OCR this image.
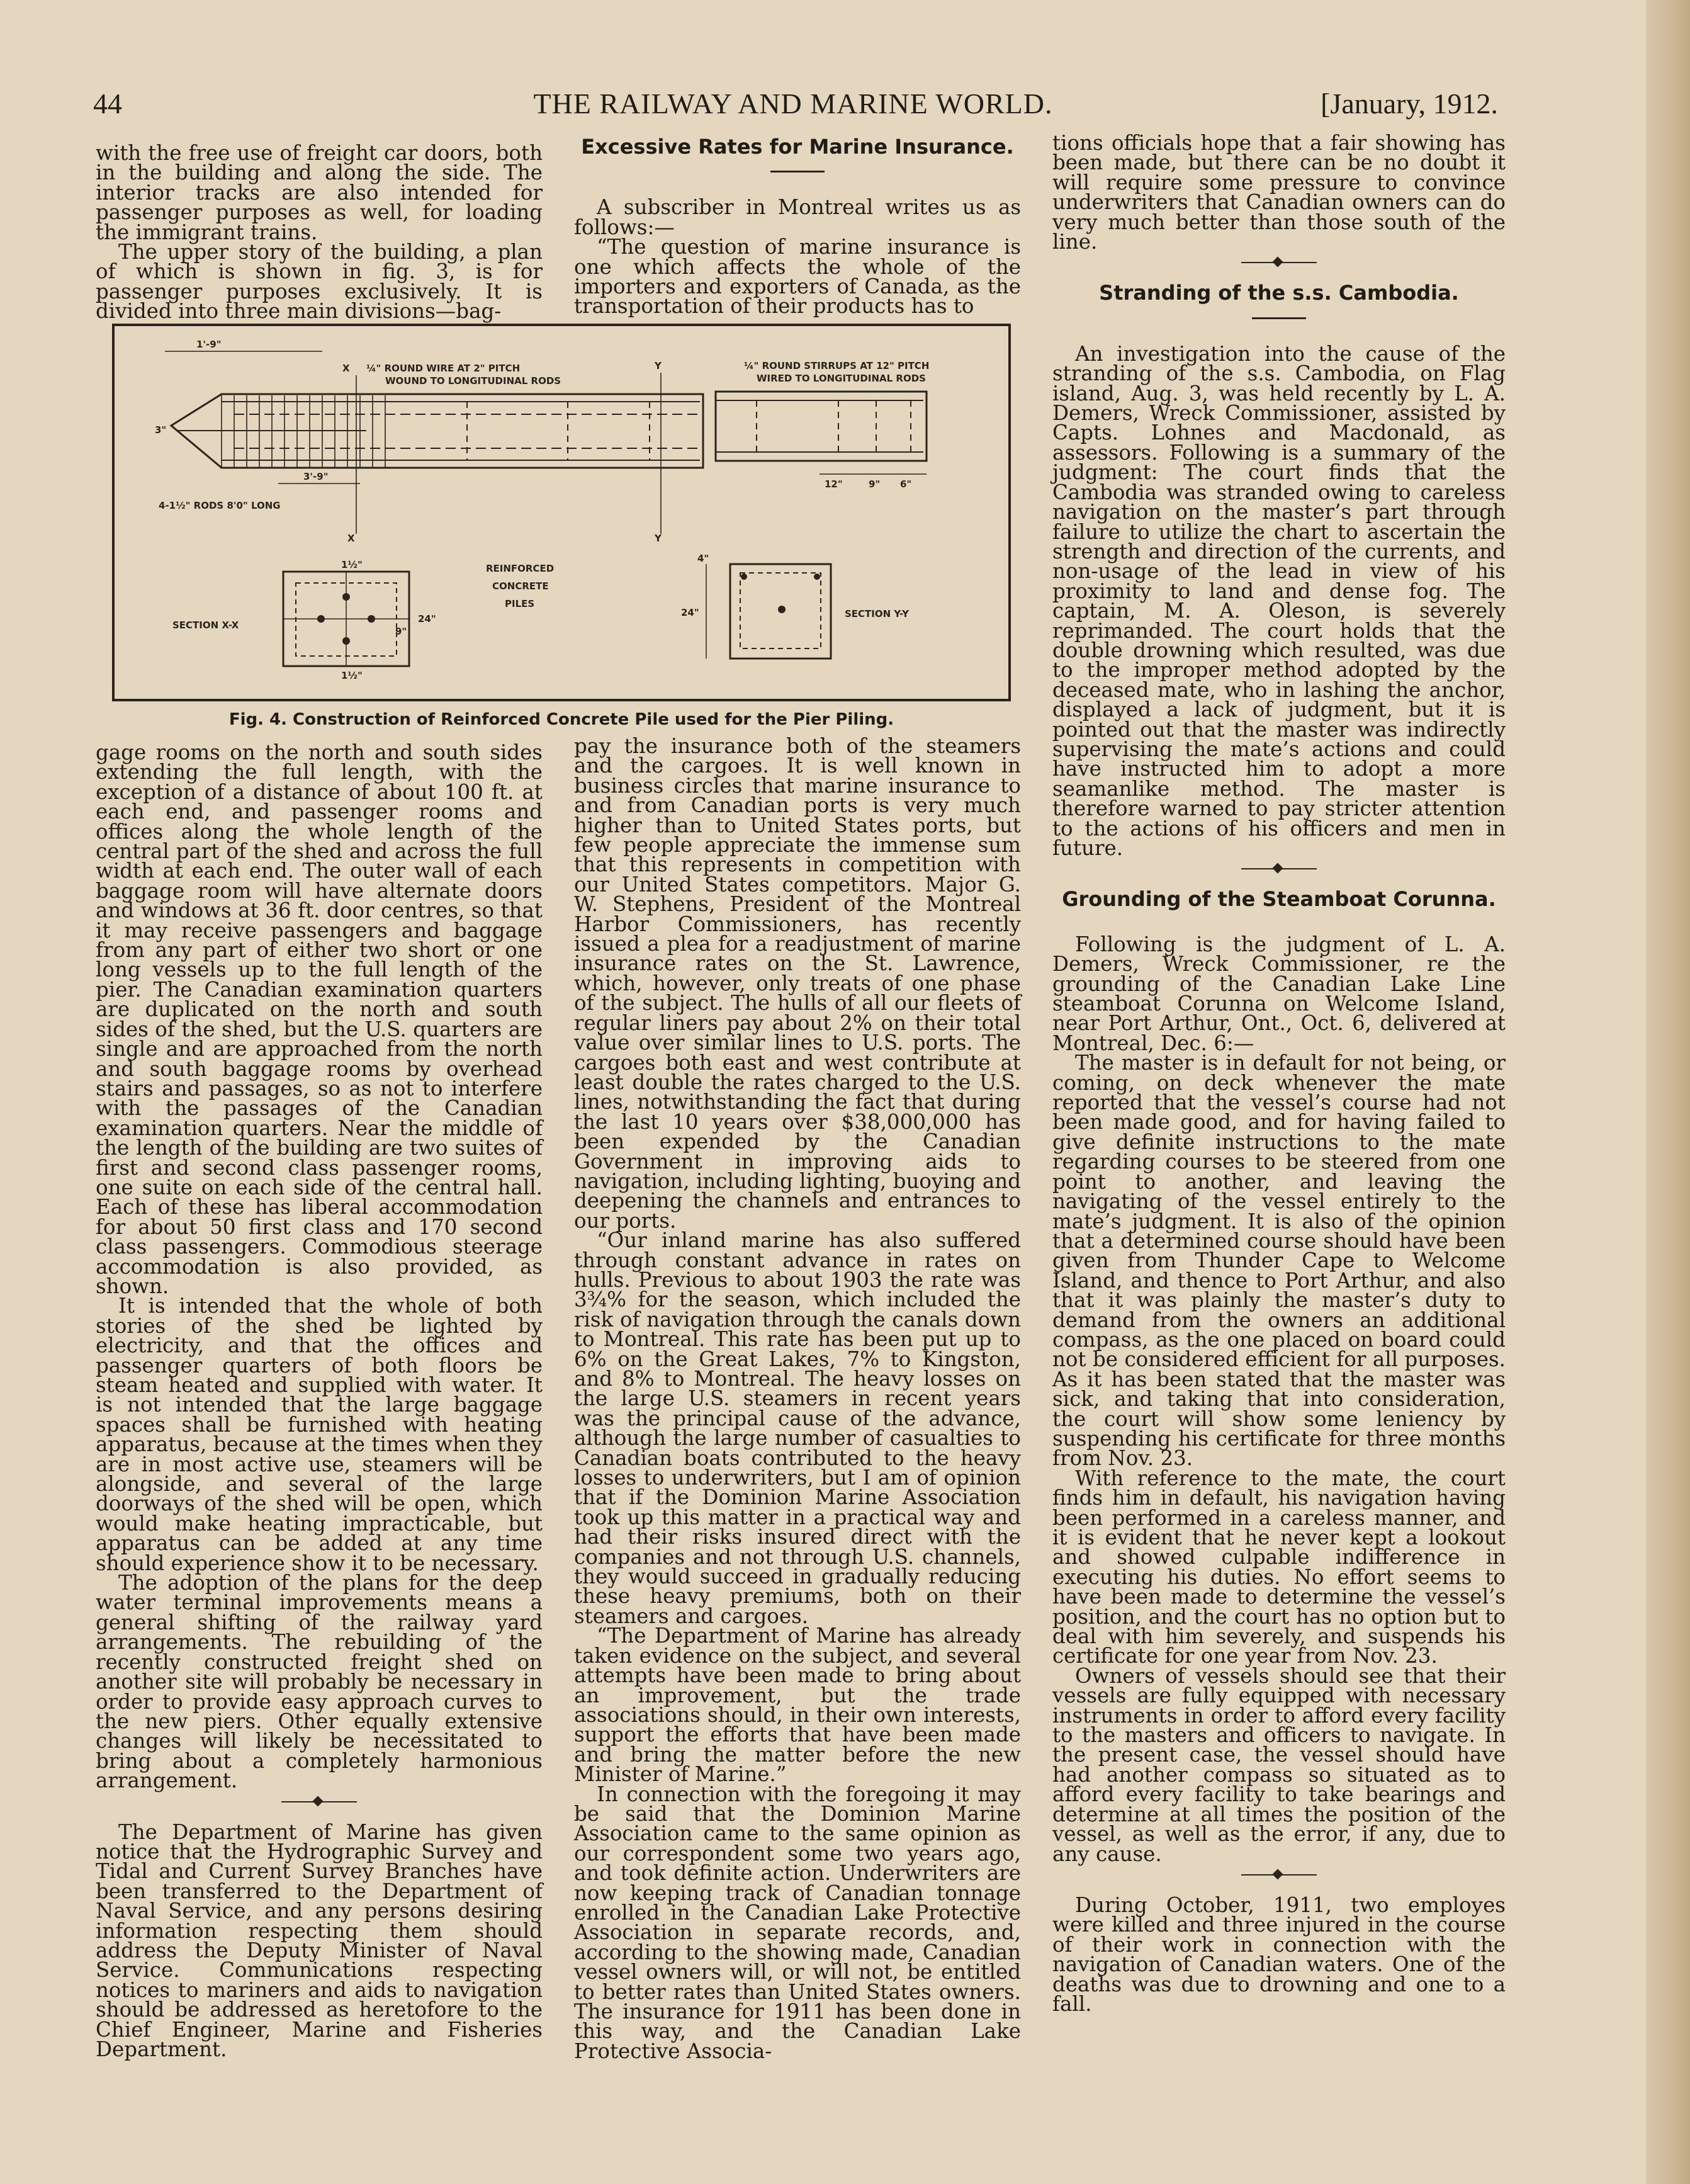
44	THE RAILWAY AND MARINE WORLD.	[January, 1912.

with the free use of freight car doors, both in the building and along the side. The interior tracks are also intended for passenger purposes as well, for loading the immigrant trains.

The upper story of the building, a plan of which is shown in fig. 3, is for passenger purposes exclusively. It is divided into three main divisions—bag-

Excessive Rates for Marine Insurance.

A subscriber in Montreal writes us as follows:—

“The question of marine insurance is one which affects the whole of the importers and exporters of Canada, as the transportation of their products has to

¼" ROUND WIRE AT 2" PITCH
WOUND TO LONGITUDINAL RODS
¼" ROUND STIRRUPS AT 12" PITCH
WIRED TO LONGITUDINAL RODS
1'-9"
3'-9"
4-1½" RODS 8'0" LONG
12"	9" 6"
3"
X
X
Y
Y
REINFORCED
CONCRETE
PILES
SECTION X-X
SECTION Y-Y
24"
24"
1½"
4"
9"
1½"
Fig. 4. Construction of Reinforced Concrete Pile used for the Pier Piling.

gage rooms on the north and south sides extending the full length, with the exception of a distance of about 100 ft. at each end, and passenger rooms and offices along the whole length of the central part of the shed and across the full width at each end. The outer wall of each baggage room will have alternate doors and windows at 36 ft. door centres, so that it may receive passengers and baggage from any part of either two short or one long vessels up to the full length of the pier. The Canadian examination quarters are duplicated on the north and south sides of the shed, but the U.S. quarters are single and are approached from the north and south baggage rooms by overhead stairs and passages, so as not to interfere with the passages of the Canadian examination quarters. Near the middle of the length of the building are two suites of first and second class passenger rooms, one suite on each side of the central hall. Each of these has liberal accommodation for about 50 first class and 170 second class passengers. Commodious steerage accommodation is also provided, as shown.

It is intended that the whole of both stories of the shed be lighted by electricity, and that the offices and passenger quarters of both floors be steam heated and supplied with water. It is not intended that the large baggage spaces shall be furnished with heating apparatus, because at the times when they are in most active use, steamers will be alongside, and several of the large doorways of the shed will be open, which would make heating impracticable, but apparatus can be added at any time should experience show it to be necessary.

The adoption of the plans for the deep water terminal improvements means a general shifting of the railway yard arrangements. The rebuilding of the recently constructed freight shed on another site will probably be necessary in order to provide easy approach curves to the new piers. Other equally extensive changes will likely be necessitated to bring about a completely harmonious arrangement.

The Department of Marine has given notice that the Hydrographic Survey and Tidal and Current Survey Branches have been transferred to the Department of Naval Service, and any persons desiring information respecting them should address the Deputy Minister of Naval Service. Communications respecting notices to mariners and aids to navigation should be addressed as heretofore to the Chief Engineer, Marine and Fisheries Department.

pay the insurance both of the steamers and the cargoes. It is well known in business circles that marine insurance to and from Canadian ports is very much higher than to United States ports, but few people appreciate the immense sum that this represents in competition with our United States competitors. Major G. W. Stephens, President of the Montreal Harbor Commissioners, has recently issued a plea for a readjustment of marine insurance rates on the St. Lawrence, which, however, only treats of one phase of the subject. The hulls of all our fleets of regular liners pay about 2% on their total value over similar lines to U.S. ports. The cargoes both east and west contribute at least double the rates charged to the U.S. lines, notwithstanding the fact that during the last 10 years over $38,000,000 has been expended by the Canadian Government in improving aids to navigation, including lighting, buoying and deepening the channels and entrances to our ports.

“Our inland marine has also suffered through constant advance in rates on hulls. Previous to about 1903 the rate was 3¾% for the season, which included the risk of navigation through the canals down to Montreal. This rate has been put up to 6% on the Great Lakes, 7% to Kingston, and 8% to Montreal. The heavy losses on the large U.S. steamers in recent years was the principal cause of the advance, although the large number of casualties to Canadian boats contributed to the heavy losses to underwriters, but I am of opinion that if the Dominion Marine Association took up this matter in a practical way and had their risks insured direct with the companies and not through U.S. channels, they would succeed in gradually reducing these heavy premiums, both on their steamers and cargoes.

“The Department of Marine has already taken evidence on the subject, and several attempts have been made to bring about an improvement, but the trade associations should, in their own interests, support the efforts that have been made and bring the matter before the new Minister of Marine.”

In connection with the foregoing it may be said that the Dominion Marine Association came to the same opinion as our correspondent some two years ago, and took definite action. Underwriters are now keeping track of Canadian tonnage enrolled in the Canadian Lake Protective Association in separate records, and, according to the showing made, Canadian vessel owners will, or will not, be entitled to better rates than United States owners. The insurance for 1911 has been done in this way, and the Canadian Lake Protective Associa-

tions officials hope that a fair showing has been made, but there can be no doubt it will require some pressure to convince underwriters that Canadian owners can do very much better than those south of the line.

Stranding of the s.s. Cambodia.

An investigation into the cause of the stranding of the s.s. Cambodia, on Flag island, Aug. 3, was held recently by L. A. Demers, Wreck Commissioner, assisted by Capts. Lohnes and Macdonald, as assessors. Following is a summary of the judgment: The court finds that the Cambodia was stranded owing to careless navigation on the master’s part through failure to utilize the chart to ascertain the strength and direction of the currents, and non-usage of the lead in view of his proximity to land and dense fog. The captain, M. A. Oleson, is severely reprimanded. The court holds that the double drowning which resulted, was due to the improper method adopted by the deceased mate, who in lashing the anchor, displayed a lack of judgment, but it is pointed out that the master was indirectly supervising the mate’s actions and could have instructed him to adopt a more seamanlike method. The master is therefore warned to pay stricter attention to the actions of his officers and men in future.

Grounding of the Steamboat Corunna.

Following is the judgment of L. A. Demers, Wreck Commissioner, re the grounding of the Canadian Lake Line steamboat Corunna on Welcome Island, near Port Arthur, Ont., Oct. 6, delivered at Montreal, Dec. 6:—

The master is in default for not being, or coming, on deck whenever the mate reported that the vessel’s course had not been made good, and for having failed to give definite instructions to the mate regarding courses to be steered from one point to another, and leaving the navigating of the vessel entirely to the mate’s judgment. It is also of the opinion that a determined course should have been given from Thunder Cape to Welcome Island, and thence to Port Arthur, and also that it was plainly the master’s duty to demand from the owners an additional compass, as the one placed on board could not be considered efficient for all purposes. As it has been stated that the master was sick, and taking that into consideration, the court will show some leniency by suspending his certificate for three months from Nov. 23.

With reference to the mate, the court finds him in default, his navigation having been performed in a careless manner, and it is evident that he never kept a lookout and showed culpable indifference in executing his duties. No effort seems to have been made to determine the vessel’s position, and the court has no option but to deal with him severely, and suspends his certificate for one year from Nov. 23.

Owners of vessels should see that their vessels are fully equipped with necessary instruments in order to afford every facility to the masters and officers to navigate. In the present case, the vessel should have had another compass so situated as to afford every facility to take bearings and determine at all times the position of the vessel, as well as the error, if any, due to any cause.

During October, 1911, two employes were killed and three injured in the course of their work in connection with the navigation of Canadian waters. One of the deaths was due to drowning and one to a fall.
